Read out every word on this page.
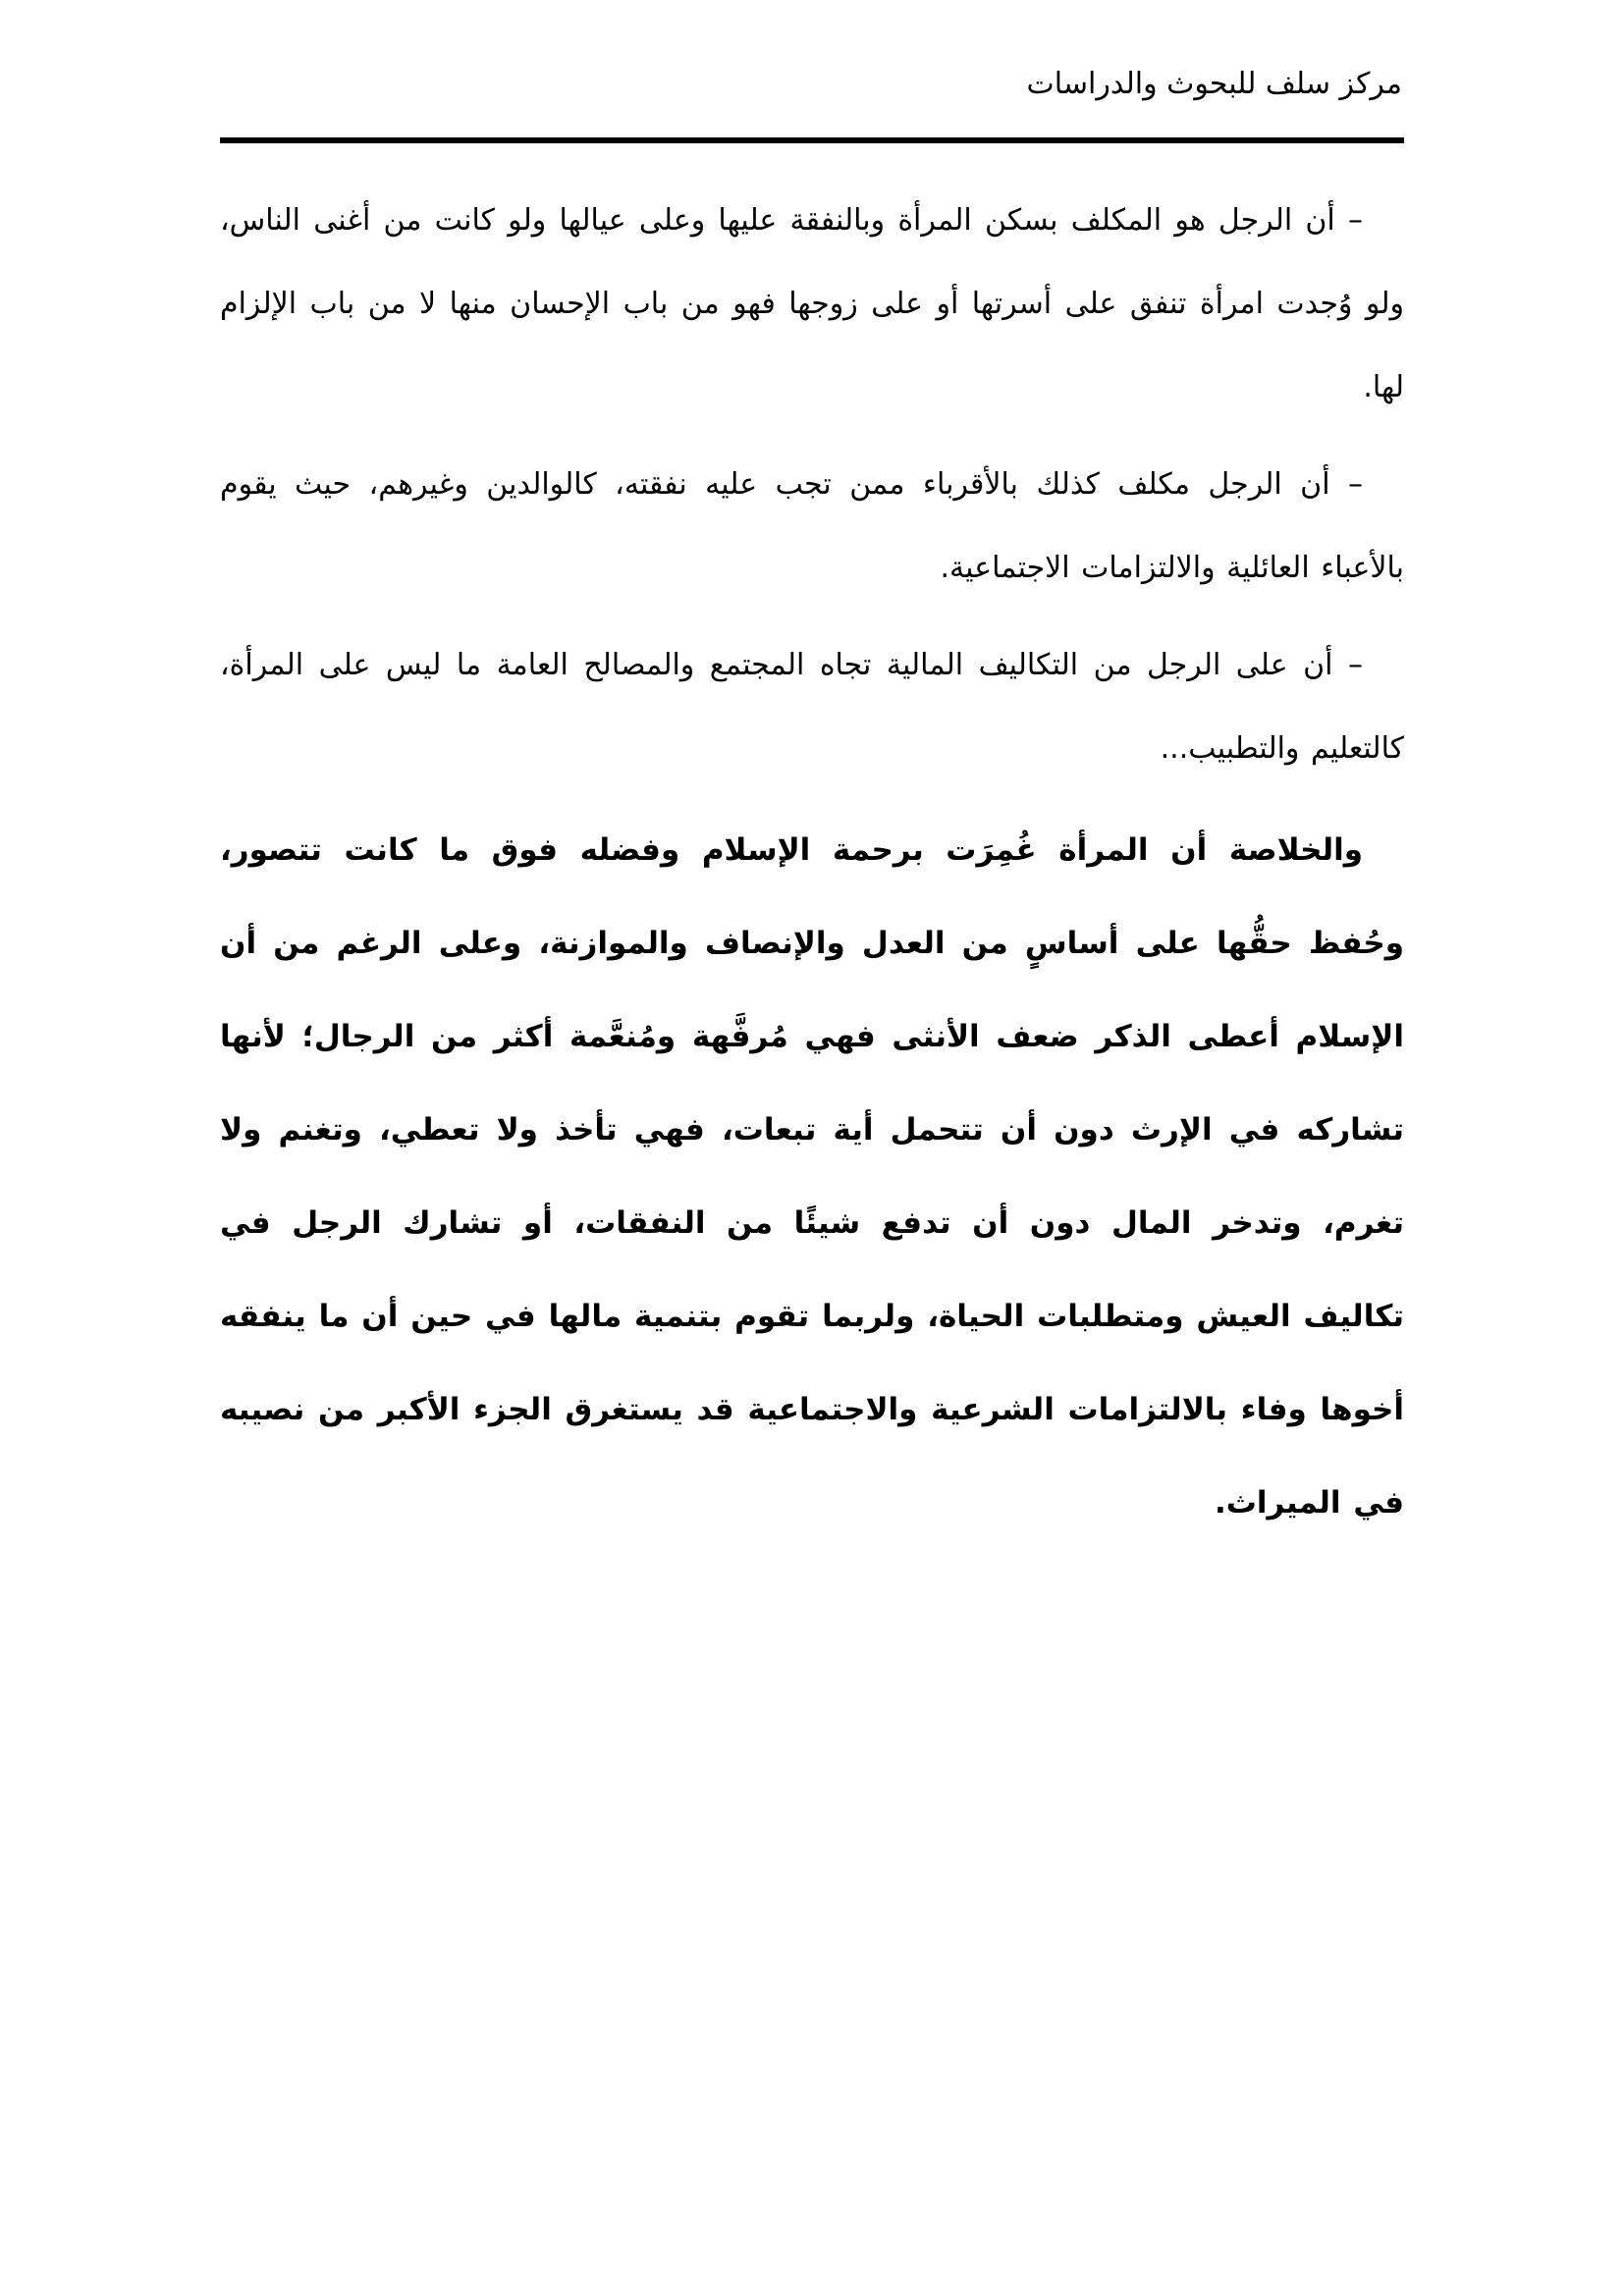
مركز سلف للبحوث والدراسات

– أن الرجل هو المكلف بسكن المرأة وبالنفقة عليها وعلى عيالها ولو كانت من أغنى الناس، ولو وُجدت امرأة تنفق على أسرتها أو على زوجها فهو من باب الإحسان منها لا من باب الإلزام لها.

– أن الرجل مكلف كذلك بالأقرباء ممن تجب عليه نفقته، كالوالدين وغيرهم، حيث يقوم بالأعباء العائلية والالتزامات الاجتماعية.

– أن على الرجل من التكاليف المالية تجاه المجتمع والمصالح العامة ما ليس على المرأة، كالتعليم والتطبيب...

والخلاصة أن المرأة غُمِرَت برحمة الإسلام وفضله فوق ما كانت تتصور، وحُفظ حقُّها على أساسٍ من العدل والإنصاف والموازنة، وعلى الرغم من أن الإسلام أعطى الذكر ضعف الأنثى فهي مُرفَّهة ومُنعَّمة أكثر من الرجال؛ لأنها تشاركه في الإرث دون أن تتحمل أية تبعات، فهي تأخذ ولا تعطي، وتغنم ولا تغرم، وتدخر المال دون أن تدفع شيئًا من النفقات، أو تشارك الرجل في تكاليف العيش ومتطلبات الحياة، ولربما تقوم بتنمية مالها في حين أن ما ينفقه أخوها وفاء بالالتزامات الشرعية والاجتماعية قد يستغرق الجزء الأكبر من نصيبه في الميراث.
